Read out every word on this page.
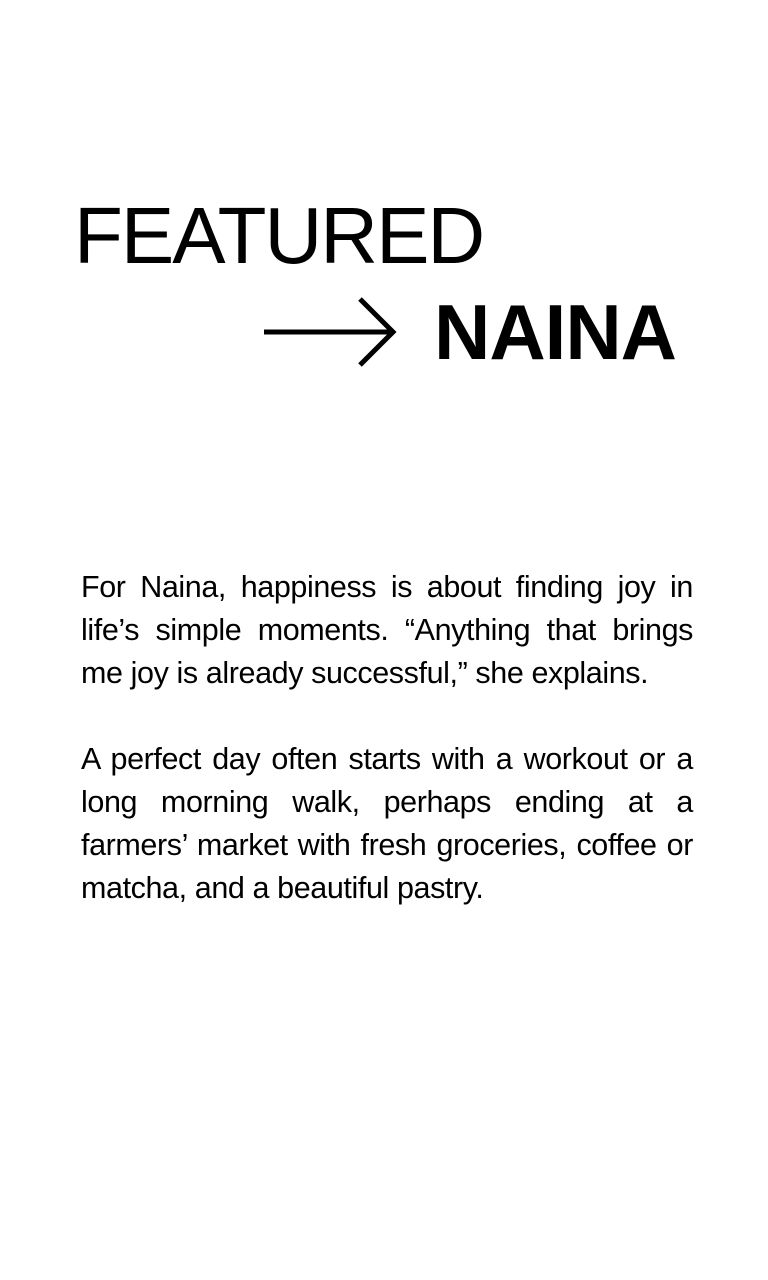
FEATURED
NAINA

For Naina, happiness is about finding joy in life’s simple moments. “Anything that brings me joy is already successful,” she explains.

A perfect day often starts with a workout or a long morning walk, perhaps ending at a farmers’ market with fresh groceries, coffee or matcha, and a beautiful pastry.
